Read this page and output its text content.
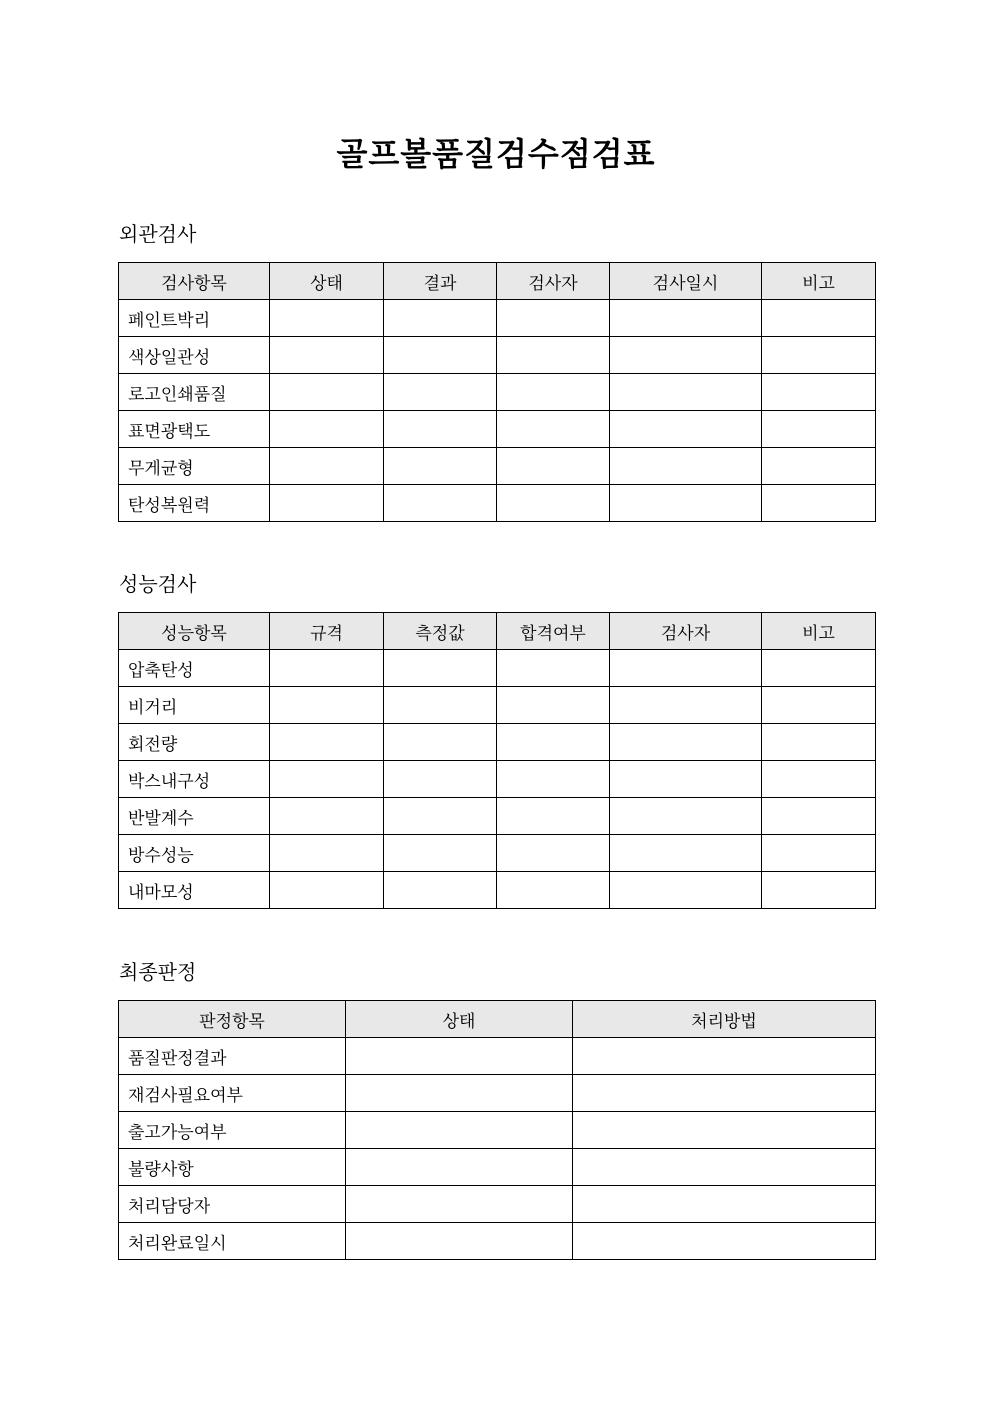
골프볼품질검수점검표
외관검사
검사항목	상태	결과	검사자	검사일시	비고
페인트박리					
색상일관성					
로고인쇄품질					
표면광택도					
무게균형					
탄성복원력					
성능검사
성능항목	규격	측정값	합격여부	검사자	비고
압축탄성					
비거리					
회전량					
박스내구성					
반발계수					
방수성능					
내마모성					
최종판정
판정항목	상태	처리방법
품질판정결과		
재검사필요여부		
출고가능여부		
불량사항		
처리담당자		
처리완료일시		
